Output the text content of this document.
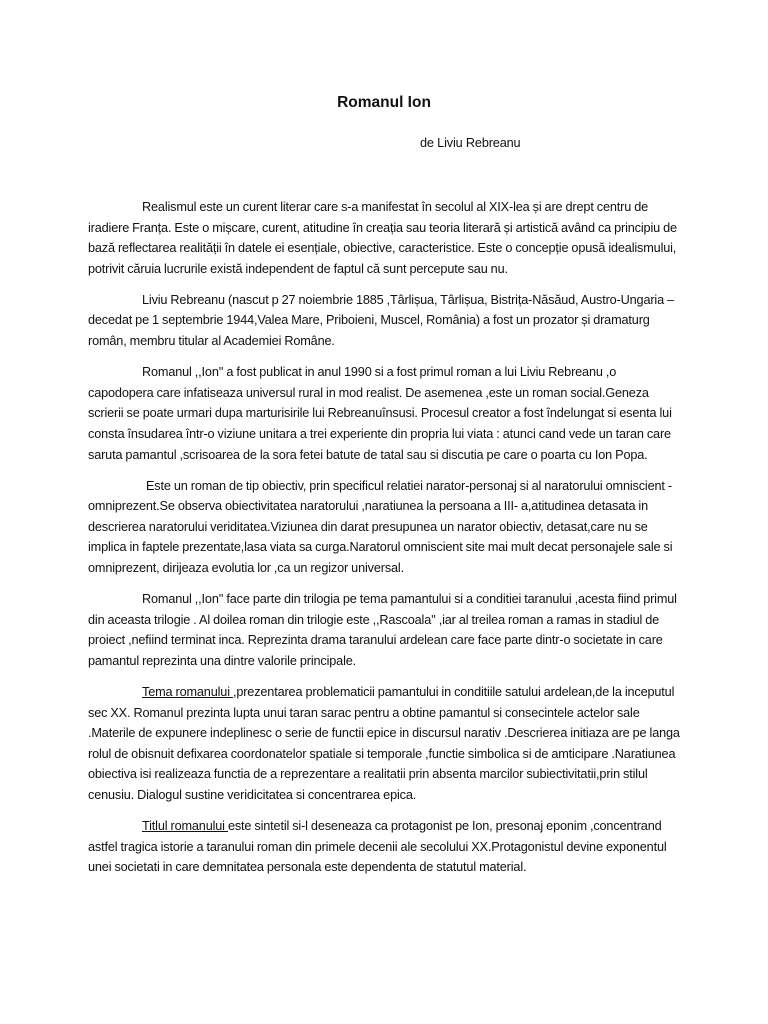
Romanul Ion
de Liviu Rebreanu

Realismul este un curent literar care s-a manifestat în secolul al XIX-lea și are drept centru de iradiere Franța. Este o mișcare, curent, atitudine în creația sau teoria literară și artistică având ca principiu de bază reflectarea realității în datele ei esențiale, obiective, caracteristice. Este o concepție opusă idealismului, potrivit căruia lucrurile există independent de faptul că sunt percepute sau nu.

Liviu Rebreanu (nascut p 27 noiembrie 1885 ,Târlișua, Târlișua, Bistrița-Năsăud, Austro-Ungaria – decedat pe 1 septembrie 1944,Valea Mare, Priboieni, Muscel, România) a fost un prozator și dramaturg român, membru titular al Academiei Române.

Romanul ,,Ion'' a fost publicat in anul 1990 si a fost primul roman a lui Liviu Rebreanu ,o capodopera care infatiseaza universul rural in mod realist. De asemenea ,este un roman social.Geneza scrierii se poate urmari dupa marturisirile lui Rebreanuînsusi. Procesul creator a fost îndelungat si esenta lui consta însudarea într-o viziune unitara a trei experiente din propria lui viata : atunci cand vede un taran care saruta pamantul ,scrisoarea de la sora fetei batute de tatal sau si discutia pe care o poarta cu Ion Popa.

Este un roman de tip obiectiv, prin specificul relatiei narator-personaj si al naratorului omniscient - omniprezent.Se observa obiectivitatea naratorului ,naratiunea la persoana a III- a,atitudinea detasata in descrierea naratorului veriditatea.Viziunea din darat presupunea un narator obiectiv, detasat,care nu se implica in faptele prezentate,lasa viata sa curga.Naratorul omniscient site mai mult decat personajele sale si omniprezent, dirijeaza evolutia lor ,ca un regizor universal.

Romanul ,,Ion'' face parte din trilogia pe tema pamantului si a conditiei taranului ,acesta fiind primul din aceasta trilogie . Al doilea roman din trilogie este ,,Rascoala'' ,iar al treilea roman a ramas in stadiul de proiect ,nefiind terminat inca. Reprezinta drama taranului ardelean care face parte dintr-o societate in care pamantul reprezinta una dintre valorile principale.

Tema romanului ,prezentarea problematicii pamantului in conditiile satului ardelean,de la inceputul sec XX. Romanul prezinta lupta unui taran sarac pentru a obtine pamantul si consecintele actelor sale .Materile de expunere indeplinesc o serie de functii epice in discursul narativ .Descrierea initiaza are pe langa rolul de obisnuit defixarea coordonatelor spatiale si temporale ,functie simbolica si de amticipare .Naratiunea obiectiva isi realizeaza functia de a reprezentare a realitatii prin absenta marcilor subiectivitatii,prin stilul cenusiu. Dialogul sustine veridicitatea si concentrarea epica.

Titlul romanului este sintetil si-l deseneaza ca protagonist pe Ion, presonaj eponim ,concentrand astfel tragica istorie a taranului roman din primele decenii ale secolului XX.Protagonistul devine exponentul unei societati in care demnitatea personala este dependenta de statutul material.
